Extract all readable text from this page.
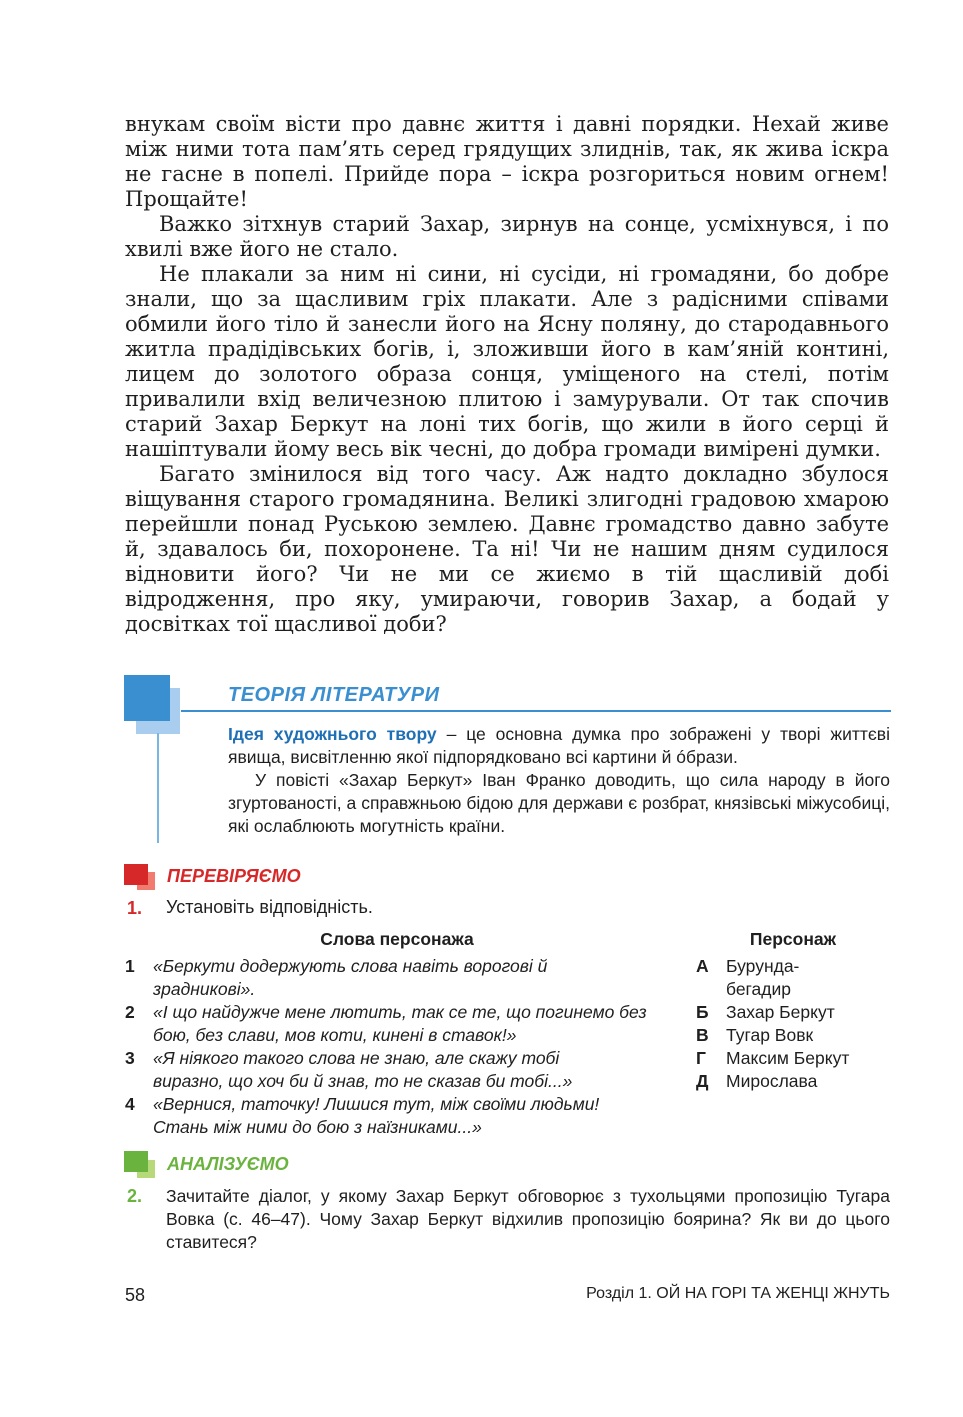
внукам своїм вісти про давнє життя і давні порядки. Нехай живе між ними тота пам’ять серед грядущих злиднів, так, як жива іскра не гасне в попелі. Прийде пора – іскра розгориться новим огнем! Прощайте!

Важко зітхнув старий Захар, зирнув на сонце, усміхнувся, і по хвилі вже його не стало.

Не плакали за ним ні сини, ні сусіди, ні громадяни, бо добре знали, що за щасливим гріх плакати. Але з радісними співами обмили його тіло й занесли його на Ясну поляну, до стародавнього житла прадідівських богів, і, зложивши його в кам’яній контині, лицем до золотого образа сонця, уміщеного на стелі, потім привалили вхід величезною плитою і замурували. От так спочив старий Захар Беркут на лоні тих богів, що жили в його серці й нашіптували йому весь вік чесні, до добра громади виміренi думки.

Багато змінилося від того часу. Аж надто докладно збулося віщування старого громадянина. Великі злигодні градовою хмарою перейшли понад Руською землею. Давнє громадство давно забуте й, здавалось би, похоронене. Та ні! Чи не нашим дням судилося відновити його? Чи не ми се жиємо в тій щасливій добі відродження, про яку, умираючи, говорив Захар, а бодай у досвітках тої щасливої доби?

ТЕОРІЯ ЛІТЕРАТУРИ

Ідея художнього твору – це основна думка про зображені у творі життєві явища, висвітленню якої підпорядковано всі картини й óбрази.

У повісті «Захар Беркут» Іван Франко доводить, що сила народу в його згуртованості, а справжньою бідою для держави є розбрат, князівські міжусобиці, які ослаблюють могутність країни.

ПЕРЕВІРЯЄМО
1. Установіть відповідність.
Слова персонажа	Персонаж
1 «Беркути додержують слова навіть ворогові й зрадникові».
2 «І що найдужче мене лютить, так се те, що погинемо без бою, без слави, мов коти, кинені в ставок!»
3 «Я ніякого такого слова не знаю, але скажу тобі виразно, що хоч би й знав, то не сказав би тобі...»
4 «Вернися, таточку! Лишися тут, між своїми людьми! Стань між ними до бою з наїзниками...»
А Бурунда-бегадир
Б Захар Беркут
В Тугар Вовк
Г Максим Беркут
Д Мирослава
АНАЛІЗУЄМО
2. Зачитайте діалог, у якому Захар Беркут обговорює з тухольцями пропозицію Тугара Вовка (с. 46–47). Чому Захар Беркут відхилив пропозицію боярина? Як ви до цього ставитеся?
58	Розділ 1. ОЙ НА ГОРІ ТА ЖЕНЦІ ЖНУТЬ
